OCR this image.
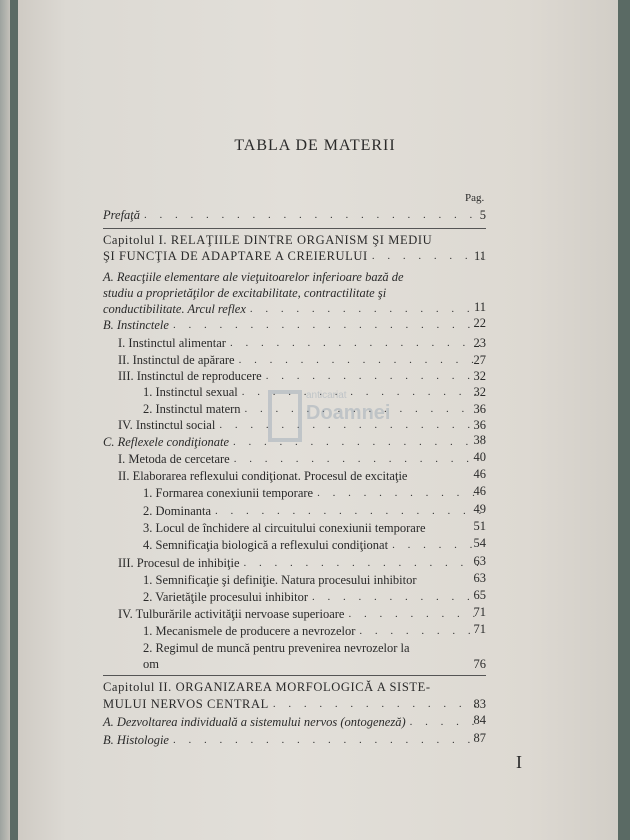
TABLA DE MATERII
Pag.
Prefaţă . . .	5
Capitolul I. RELAŢIILE DINTRE ORGANISM ŞI MEDIU
ŞI FUNCŢIA DE ADAPTARE A CREIERULUI . . .	11
A. Reacţiile elementare ale vieţuitoarelor inferioare bază de
studiu a proprietăţilor de excitabilitate, contractilitate şi
conductibilitate. Arcul reflex . . .	11
B. Instinctele . . .	22
I. Instinctul alimentar . . .	23
II. Instinctul de apărare . . .	27
III. Instinctul de reproducere . . .	32
1. Instinctul sexual . . .	32
2. Instinctul matern . . .	36
IV. Instinctul social . . .	36
C. Reflexele condiţionate . . .	38
I. Metoda de cercetare . . .	40
II. Elaborarea reflexului condiţionat. Procesul de excitaţie	46
1. Formarea conexiunii temporare . . .	46
2. Dominanta . . .	49
3. Locul de închidere al circuitului conexiunii temporare	51
4. Semnificaţia biologică a reflexului condiţionat . . .	54
III. Procesul de inhibiţie . . .	63
1. Semnificaţie şi definiţie. Natura procesului inhibitor	63
2. Varietăţile procesului inhibitor . . .	65
IV. Tulburările activităţii nervoase superioare . . .	71
1. Mecanismele de producere a nevrozelor . . .	71
2. Regimul de muncă pentru prevenirea nevrozelor la
om	76
Capitolul II. ORGANIZAREA MORFOLOGICĂ A SISTE-
MULUI NERVOS CENTRAL . . .	83
A. Dezvoltarea individuală a sistemului nervos (ontogeneză) . . .	84
B. Histologie . . .	87
anticariat
Doamnei
I
